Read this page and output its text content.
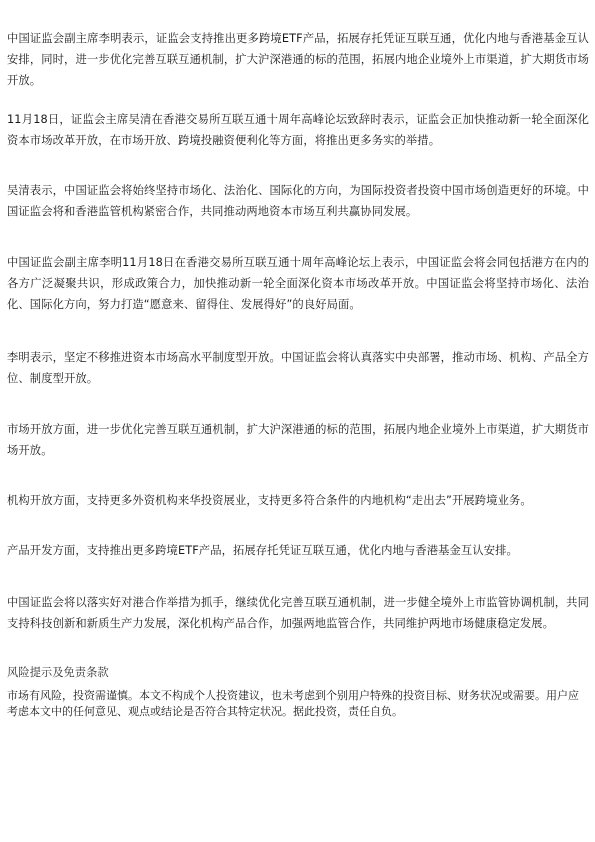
中国证监会副主席李明表示，证监会支持推出更多跨境ETF产品，拓展存托凭证互联互通，优化内地与香港基金互认安排，同时，进一步优化完善互联互通机制，扩大沪深港通的标的范围，拓展内地企业境外上市渠道，扩大期货市场开放。

11月18日，证监会主席吴清在香港交易所互联互通十周年高峰论坛致辞时表示，证监会正加快推动新一轮全面深化资本市场改革开放，在市场开放、跨境投融资便利化等方面，将推出更多务实的举措。

吴清表示，中国证监会将始终坚持市场化、法治化、国际化的方向，为国际投资者投资中国市场创造更好的环境。中国证监会将和香港监管机构紧密合作，共同推动两地资本市场互利共赢协同发展。

中国证监会副主席李明11月18日在香港交易所互联互通十周年高峰论坛上表示，中国证监会将会同包括港方在内的各方广泛凝聚共识，形成政策合力，加快推动新一轮全面深化资本市场改革开放。中国证监会将坚持市场化、法治化、国际化方向，努力打造“愿意来、留得住、发展得好”的良好局面。

李明表示，坚定不移推进资本市场高水平制度型开放。中国证监会将认真落实中央部署，推动市场、机构、产品全方位、制度型开放。

市场开放方面，进一步优化完善互联互通机制，扩大沪深港通的标的范围，拓展内地企业境外上市渠道，扩大期货市场开放。

机构开放方面，支持更多外资机构来华投资展业，支持更多符合条件的内地机构“走出去”开展跨境业务。

产品开发方面，支持推出更多跨境ETF产品，拓展存托凭证互联互通，优化内地与香港基金互认安排。

中国证监会将以落实好对港合作举措为抓手，继续优化完善互联互通机制，进一步健全境外上市监管协调机制，共同支持科技创新和新质生产力发展，深化机构产品合作，加强两地监管合作，共同维护两地市场健康稳定发展。

风险提示及免责条款

市场有风险，投资需谨慎。本文不构成个人投资建议，也未考虑到个别用户特殊的投资目标、财务状况或需要。用户应考虑本文中的任何意见、观点或结论是否符合其特定状况。据此投资，责任自负。
